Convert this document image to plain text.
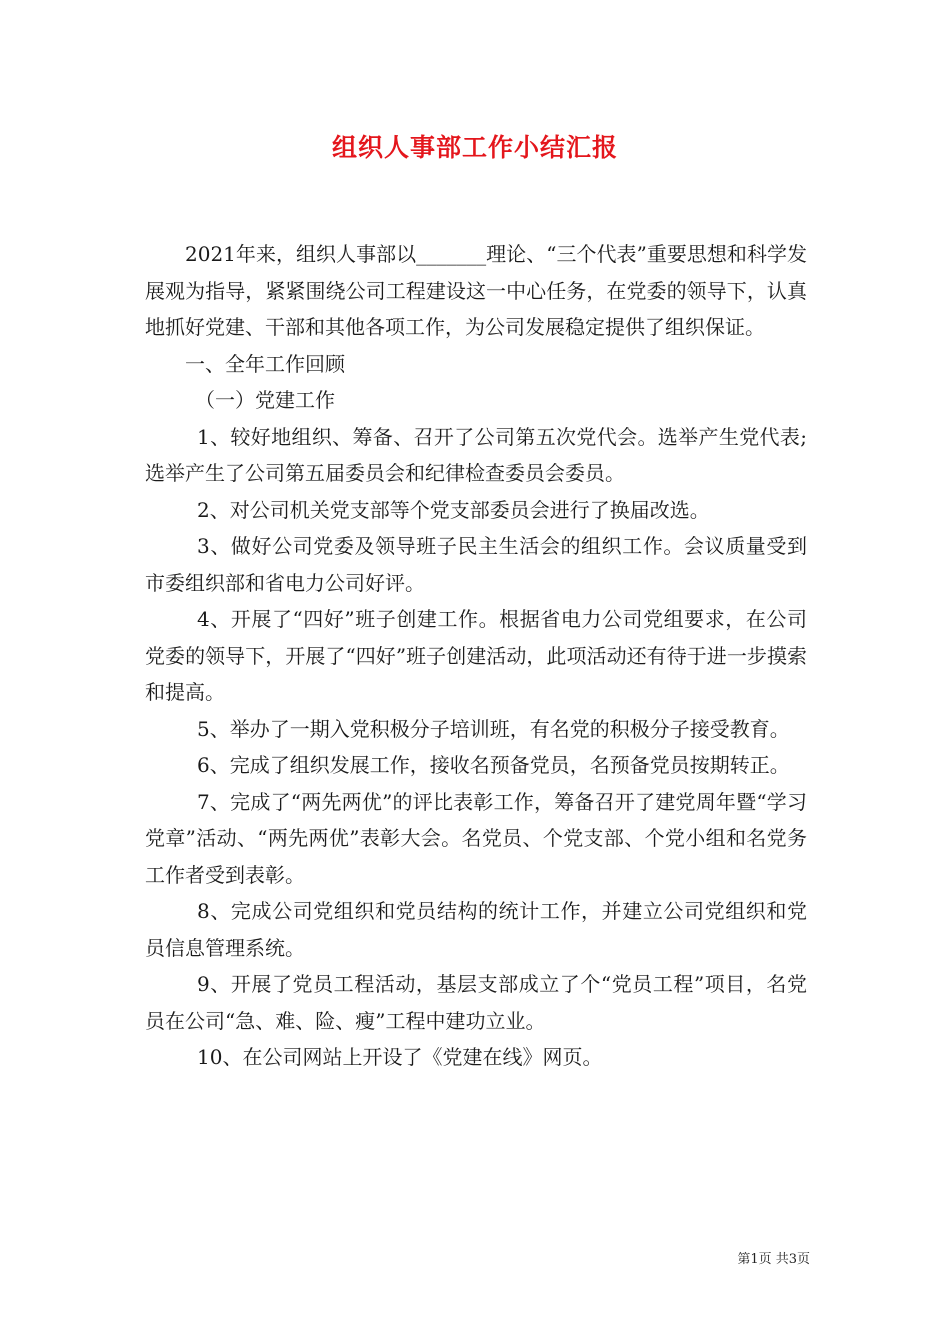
组织人事部工作小结汇报

2021年来，组织人事部以_______理论、“三个代表”重要思想和科学发展观为指导，紧紧围绕公司工程建设这一中心任务，在党委的领导下，认真地抓好党建、干部和其他各项工作，为公司发展稳定提供了组织保证。

一、全年工作回顾

（一）党建工作

1、较好地组织、筹备、召开了公司第五次党代会。选举产生党代表;选举产生了公司第五届委员会和纪律检查委员会委员。

2、对公司机关党支部等个党支部委员会进行了换届改选。

3、做好公司党委及领导班子民主生活会的组织工作。会议质量受到市委组织部和省电力公司好评。

4、开展了“四好”班子创建工作。根据省电力公司党组要求，在公司党委的领导下，开展了“四好”班子创建活动，此项活动还有待于进一步摸索和提高。

5、举办了一期入党积极分子培训班，有名党的积极分子接受教育。

6、完成了组织发展工作，接收名预备党员，名预备党员按期转正。

7、完成了“两先两优”的评比表彰工作，筹备召开了建党周年暨“学习党章”活动、“两先两优”表彰大会。名党员、个党支部、个党小组和名党务工作者受到表彰。

8、完成公司党组织和党员结构的统计工作，并建立公司党组织和党员信息管理系统。

9、开展了党员工程活动，基层支部成立了个“党员工程”项目，名党员在公司“急、难、险、瘦”工程中建功立业。

10、在公司网站上开设了《党建在线》网页。

第1页 共3页
